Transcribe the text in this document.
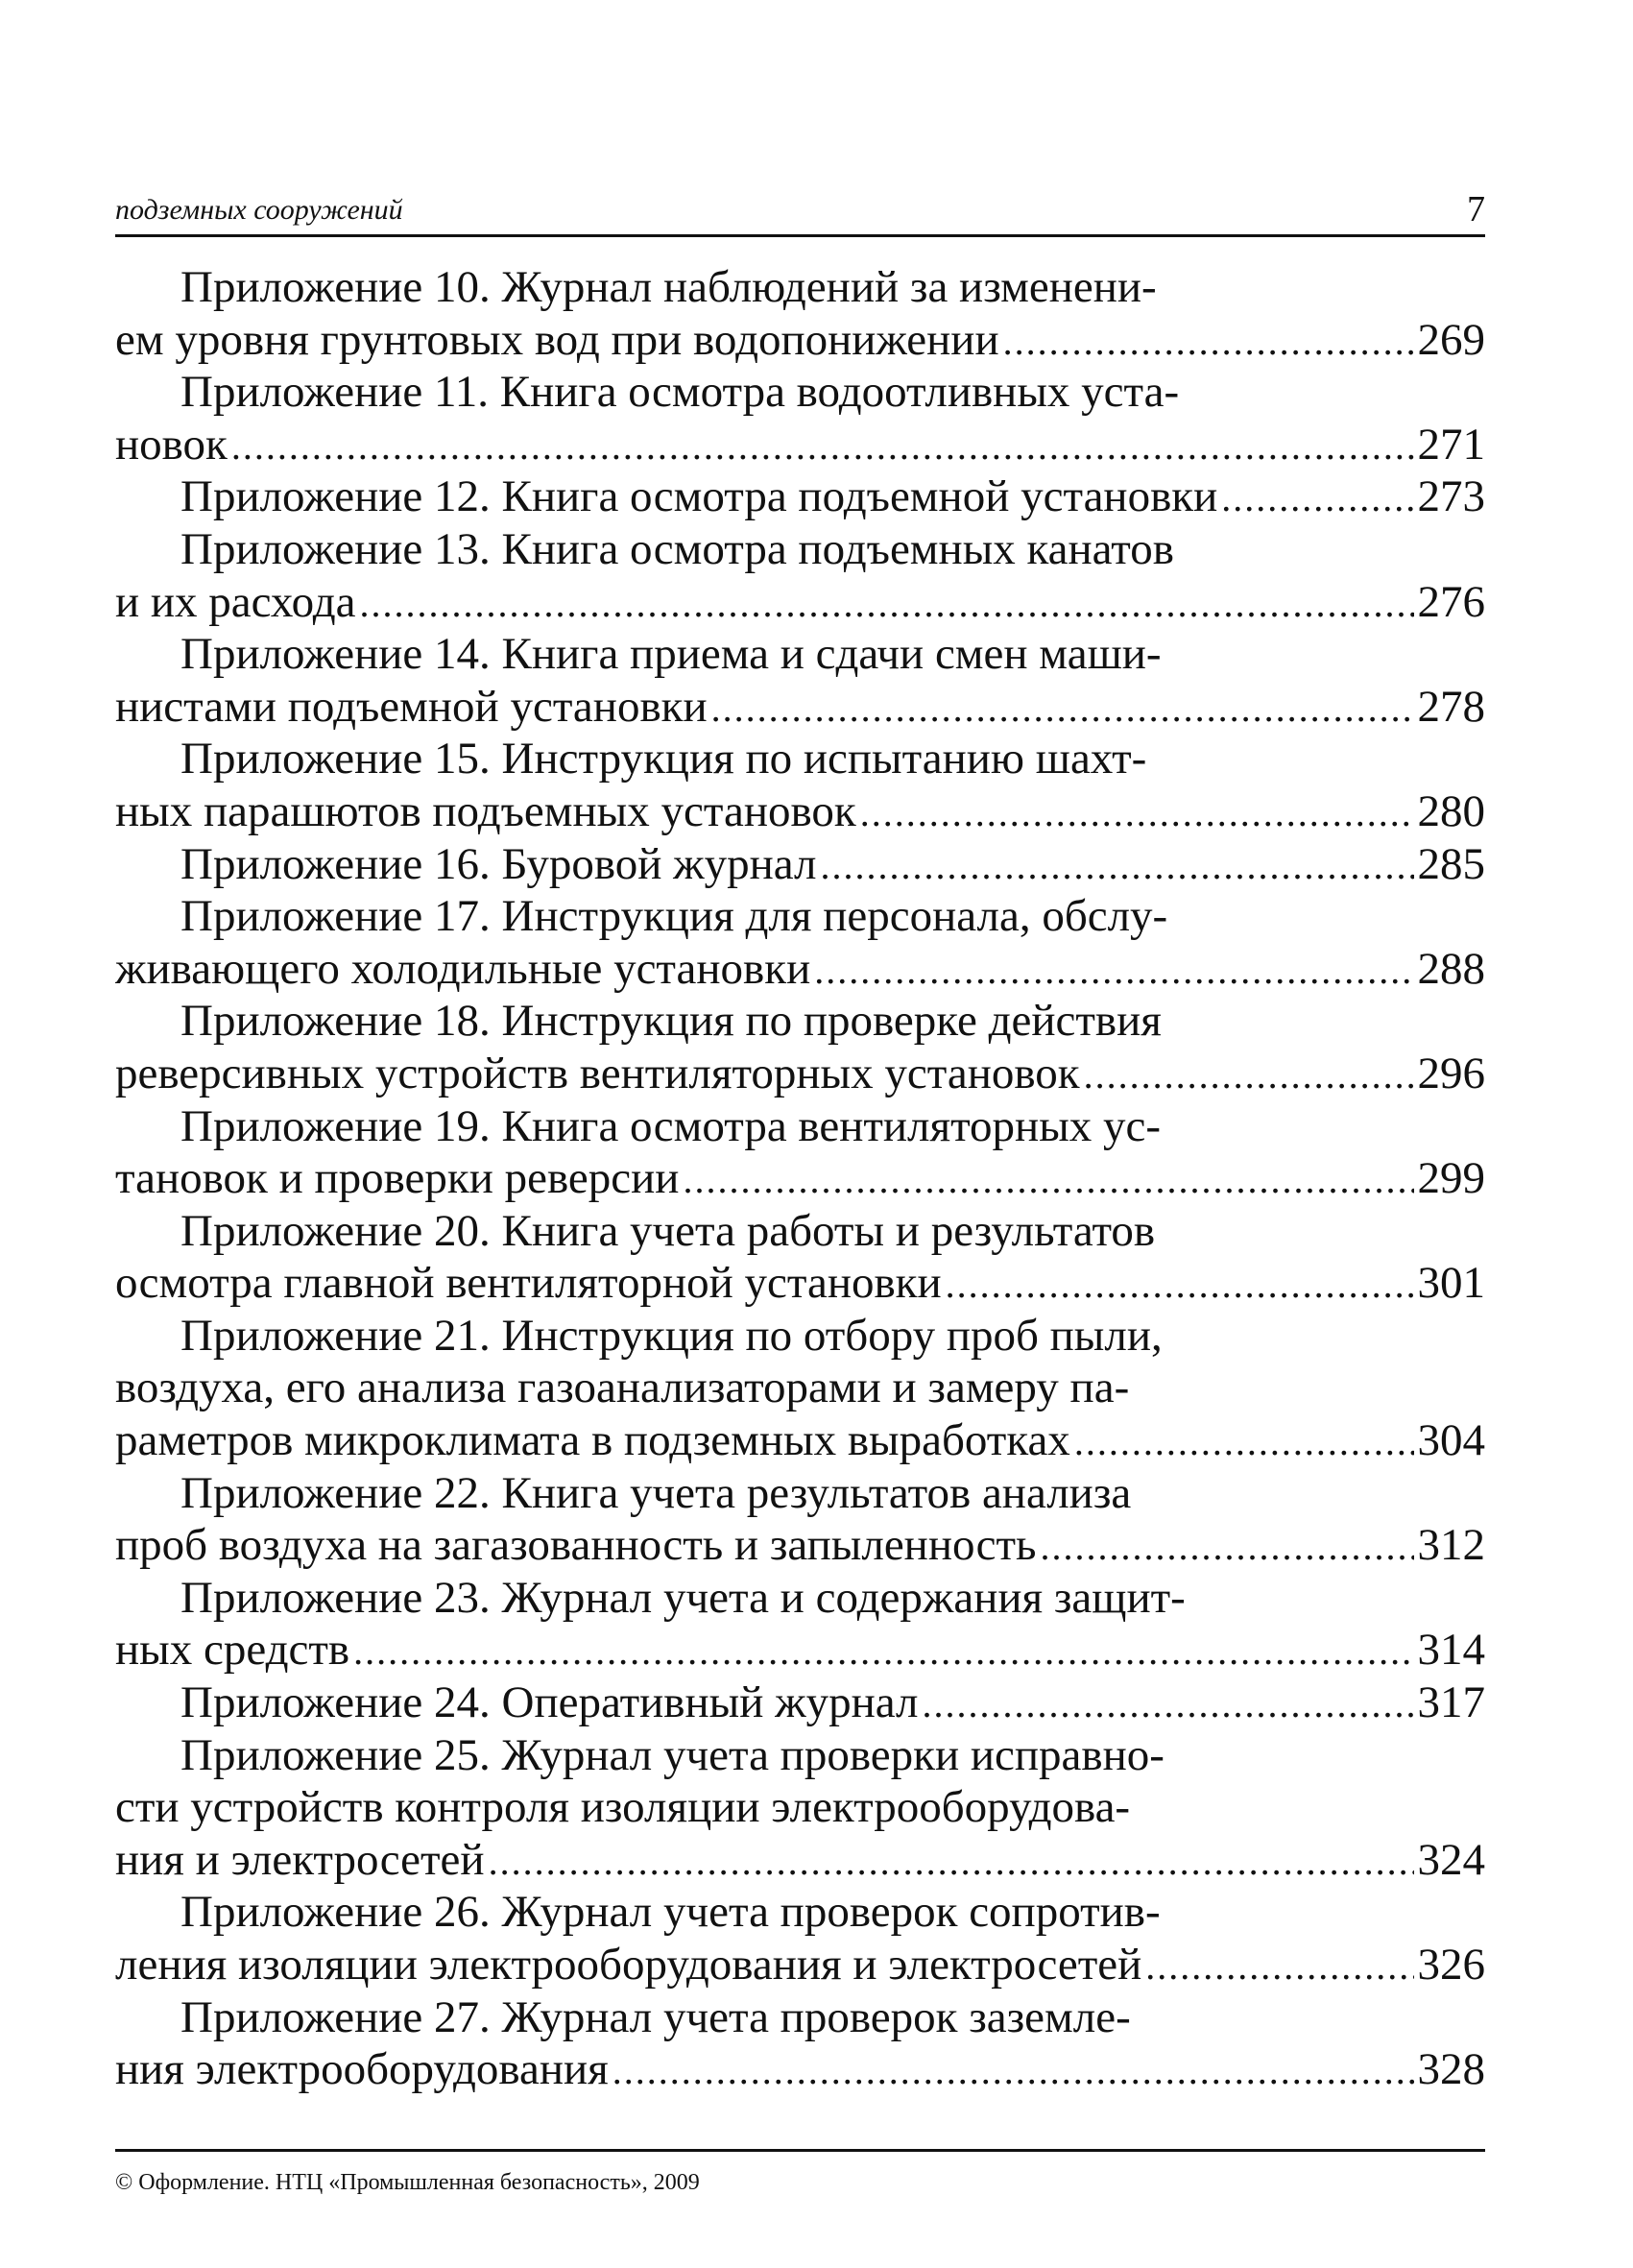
подземных сооружений	7
Приложение 10. Журнал наблюдений за изменени-
ем уровня грунтовых вод при водопонижении .....	269
Приложение 11. Книга осмотра водоотливных уста-
новок .....	271
Приложение 12. Книга осмотра подъемной установки .....	273
Приложение 13. Книга осмотра подъемных канатов
и их расхода .....	276
Приложение 14. Книга приема и сдачи смен маши-
нистами подъемной установки .....	278
Приложение 15. Инструкция по испытанию шахт-
ных парашютов подъемных установок .....	280
Приложение 16. Буровой журнал .....	285
Приложение 17. Инструкция для персонала, обслу-
живающего холодильные установки .....	288
Приложение 18. Инструкция по проверке действия
реверсивных устройств вентиляторных установок .....	296
Приложение 19. Книга осмотра вентиляторных ус-
тановок и проверки реверсии .....	299
Приложение 20. Книга учета работы и результатов
осмотра главной вентиляторной установки .....	301
Приложение 21. Инструкция по отбору проб пыли,
воздуха, его анализа газоанализаторами и замеру па-
раметров микроклимата в подземных выработках .....	304
Приложение 22. Книга учета результатов анализа
проб воздуха на загазованность и запыленность .....	312
Приложение 23. Журнал учета и содержания защит-
ных средств .....	314
Приложение 24. Оперативный журнал .....	317
Приложение 25. Журнал учета проверки исправно-
сти устройств контроля изоляции электрооборудова-
ния и электросетей .....	324
Приложение 26. Журнал учета проверок сопротив-
ления изоляции электрооборудования и электросетей .....	326
Приложение 27. Журнал учета проверок заземле-
ния электрооборудования .....	328
© Оформление. НТЦ «Промышленная безопасность», 2009
